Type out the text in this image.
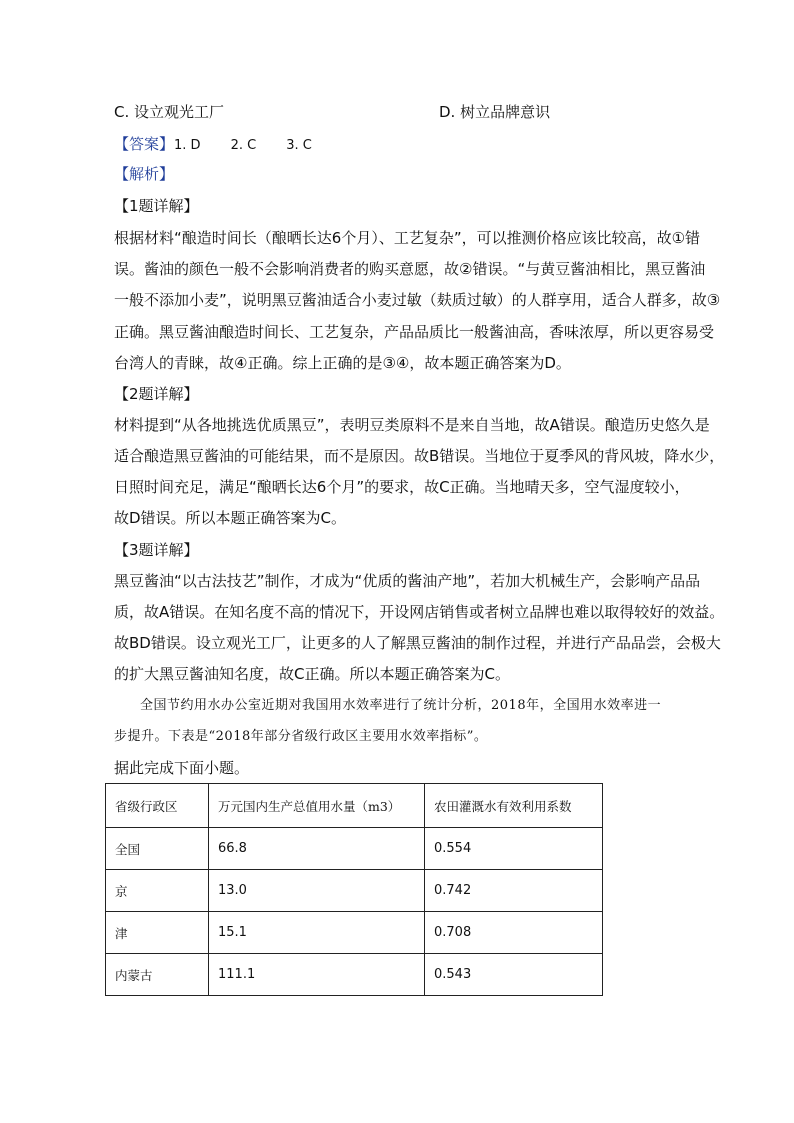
C. 设立观光工厂	D. 树立品牌意识
【答案】1. D 2. C 3. C
【解析】
【1题详解】
根据材料“酿造时间长（酿晒长达6个月）、工艺复杂”，可以推测价格应该比较高，故①错
误。酱油的颜色一般不会影响消费者的购买意愿，故②错误。“与黄豆酱油相比，黑豆酱油
一般不添加小麦”，说明黑豆酱油适合小麦过敏（麸质过敏）的人群享用，适合人群多，故③
正确。黑豆酱油酿造时间长、工艺复杂，产品品质比一般酱油高，香味浓厚，所以更容易受
台湾人的青睐，故④正确。综上正确的是③④，故本题正确答案为D。
【2题详解】
材料提到“从各地挑选优质黑豆”，表明豆类原料不是来自当地，故A错误。酿造历史悠久是
适合酿造黑豆酱油的可能结果，而不是原因。故B错误。当地位于夏季风的背风坡，降水少，
日照时间充足，满足“酿晒长达6个月”的要求，故C正确。当地晴天多，空气湿度较小，
故D错误。所以本题正确答案为C。
【3题详解】
黑豆酱油“以古法技艺”制作，才成为“优质的酱油产地”，若加大机械生产，会影响产品品
质，故A错误。在知名度不高的情况下，开设网店销售或者树立品牌也难以取得较好的效益。
故BD错误。设立观光工厂，让更多的人了解黑豆酱油的制作过程，并进行产品品尝，会极大
的扩大黑豆酱油知名度，故C正确。所以本题正确答案为C。
全国节约用水办公室近期对我国用水效率进行了统计分析，2018年，全国用水效率进一
步提升。下表是“2018年部分省级行政区主要用水效率指标”。
据此完成下面小题。
省级行政区	万元国内生产总值用水量（m3）	农田灌溉水有效利用系数
全国	66.8	0.554
京	13.0	0.742
津	15.1	0.708
内蒙古	111.1	0.543
